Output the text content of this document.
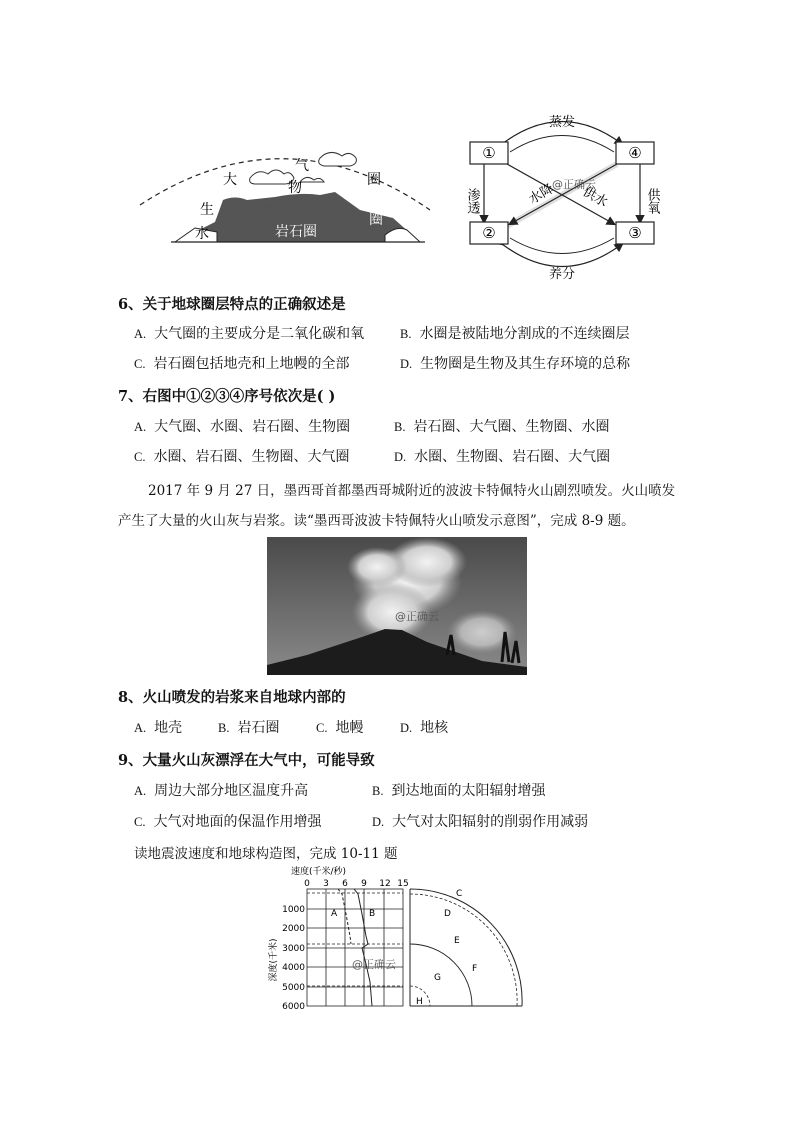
大
气
物	圈
生
水	岩石圈
圈
@正确云
①	④
②	③
蒸发
养分
渗透	供氧
水降 供水
@正确云
6、关于地球圈层特点的正确叙述是
A. 大气圈的主要成分是二氧化碳和氧	B. 水圈是被陆地分割成的不连续圈层
C. 岩石圈包括地壳和上地幔的全部	D. 生物圈是生物及其生存环境的总称
7、右图中①②③④序号依次是( )
A. 大气圈、水圈、岩石圈、生物圈	B. 岩石圈、大气圈、生物圈、水圈
C. 水圈、岩石圈、生物圈、大气圈	D. 水圈、生物圈、岩石圈、大气圈
2017 年 9 月 27 日，墨西哥首都墨西哥城附近的波波卡特佩特火山剧烈喷发。火山喷发
产生了大量的火山灰与岩浆。读“墨西哥波波卡特佩特火山喷发示意图”，完成 8-9 题。
@正确云
8、火山喷发的岩浆来自地球内部的
A. 地壳	B. 岩石圈	C. 地幔	D. 地核
9、大量火山灰漂浮在大气中，可能导致
A. 周边大部分地区温度升高	B. 到达地面的太阳辐射增强
C. 大气对地面的保温作用增强	D. 大气对太阳辐射的削弱作用减弱
读地震波速度和地球构造图，完成 10-11 题
速度(千米/秒)
0 3 6 9 12 15
A	B
1000
2000
3000
4000
5000
6000
深度(千米)
C
D
E
F
G
H
@正确云
